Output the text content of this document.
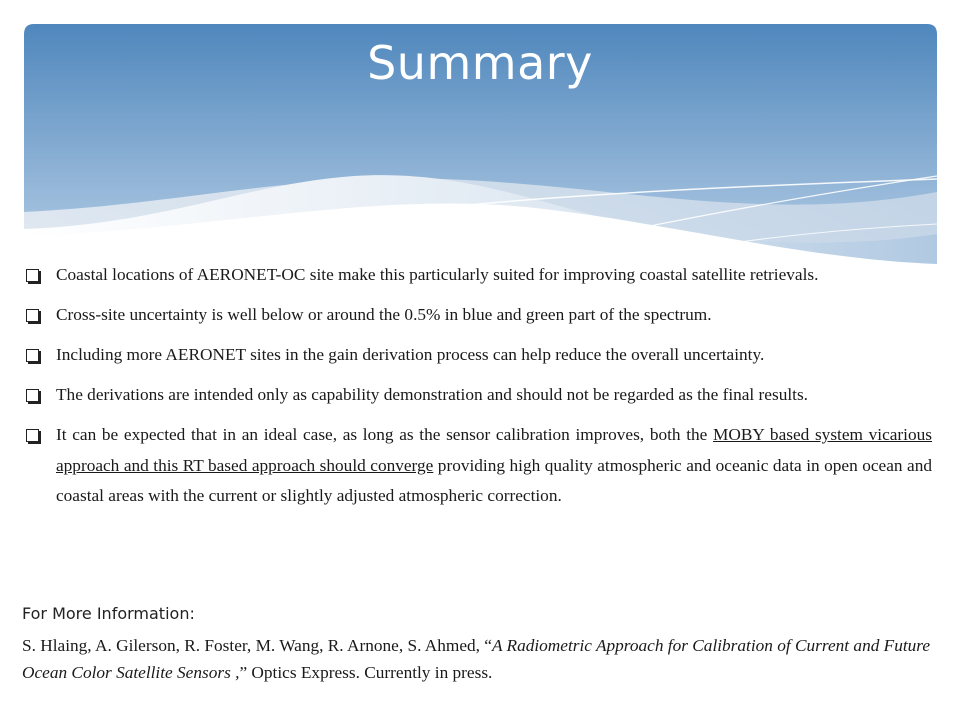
Summary
Coastal locations of AERONET-OC site make this particularly suited for improving coastal satellite retrievals.
Cross-site uncertainty is well below or around the 0.5% in blue and green part of the spectrum.
Including more AERONET sites in the gain derivation process can help reduce the overall uncertainty.
The derivations are intended only as capability demonstration and should not be regarded as the final results.
It can be expected that in an ideal case, as long as the sensor calibration improves, both the MOBY based system vicarious approach and this RT based approach should converge providing high quality atmospheric and oceanic data in open ocean and coastal areas with the current or slightly adjusted atmospheric correction.
For More Information:
S. Hlaing, A. Gilerson, R. Foster, M. Wang, R. Arnone, S. Ahmed, “A Radiometric Approach for Calibration of Current and Future Ocean Color Satellite Sensors ,” Optics Express. Currently in press.
